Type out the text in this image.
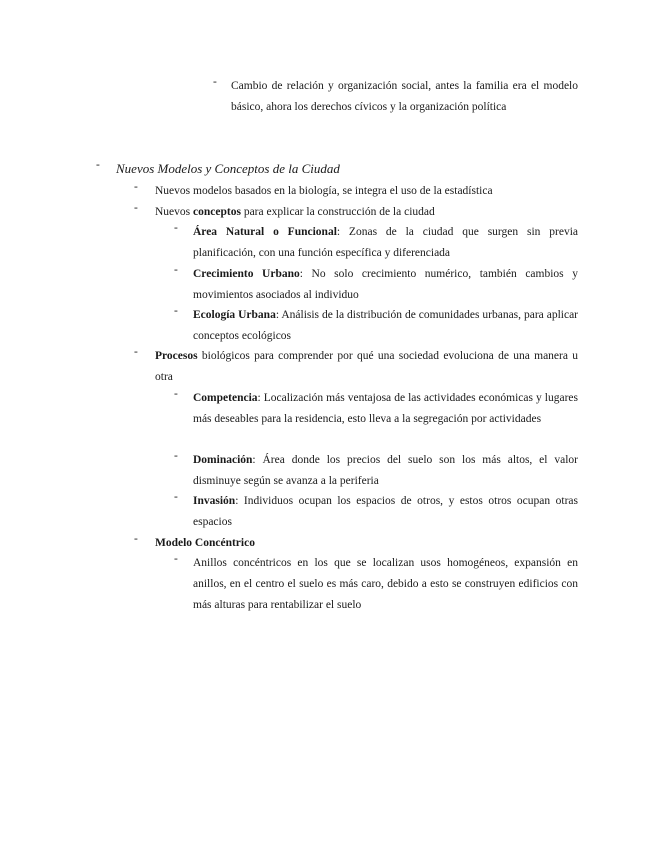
- Cambio de relación y organización social, antes la familia era el modelo básico, ahora los derechos cívicos y la organización política
- Nuevos Modelos y Conceptos de la Ciudad
- Nuevos modelos basados en la biología, se integra el uso de la estadística
- Nuevos conceptos para explicar la construcción de la ciudad
- Área Natural o Funcional: Zonas de la ciudad que surgen sin previa planificación, con una función específica y diferenciada
- Crecimiento Urbano: No solo crecimiento numérico, también cambios y movimientos asociados al individuo
- Ecología Urbana: Análisis de la distribución de comunidades urbanas, para aplicar conceptos ecológicos
- Procesos biológicos para comprender por qué una sociedad evoluciona de una manera u otra
- Competencia: Localización más ventajosa de las actividades económicas y lugares más deseables para la residencia, esto lleva a la segregación por actividades
- Dominación: Área donde los precios del suelo son los más altos, el valor disminuye según se avanza a la periferia
- Invasión: Individuos ocupan los espacios de otros, y estos otros ocupan otras espacios
- Modelo Concéntrico
- Anillos concéntricos en los que se localizan usos homogéneos, expansión en anillos, en el centro el suelo es más caro, debido a esto se construyen edificios con más alturas para rentabilizar el suelo
